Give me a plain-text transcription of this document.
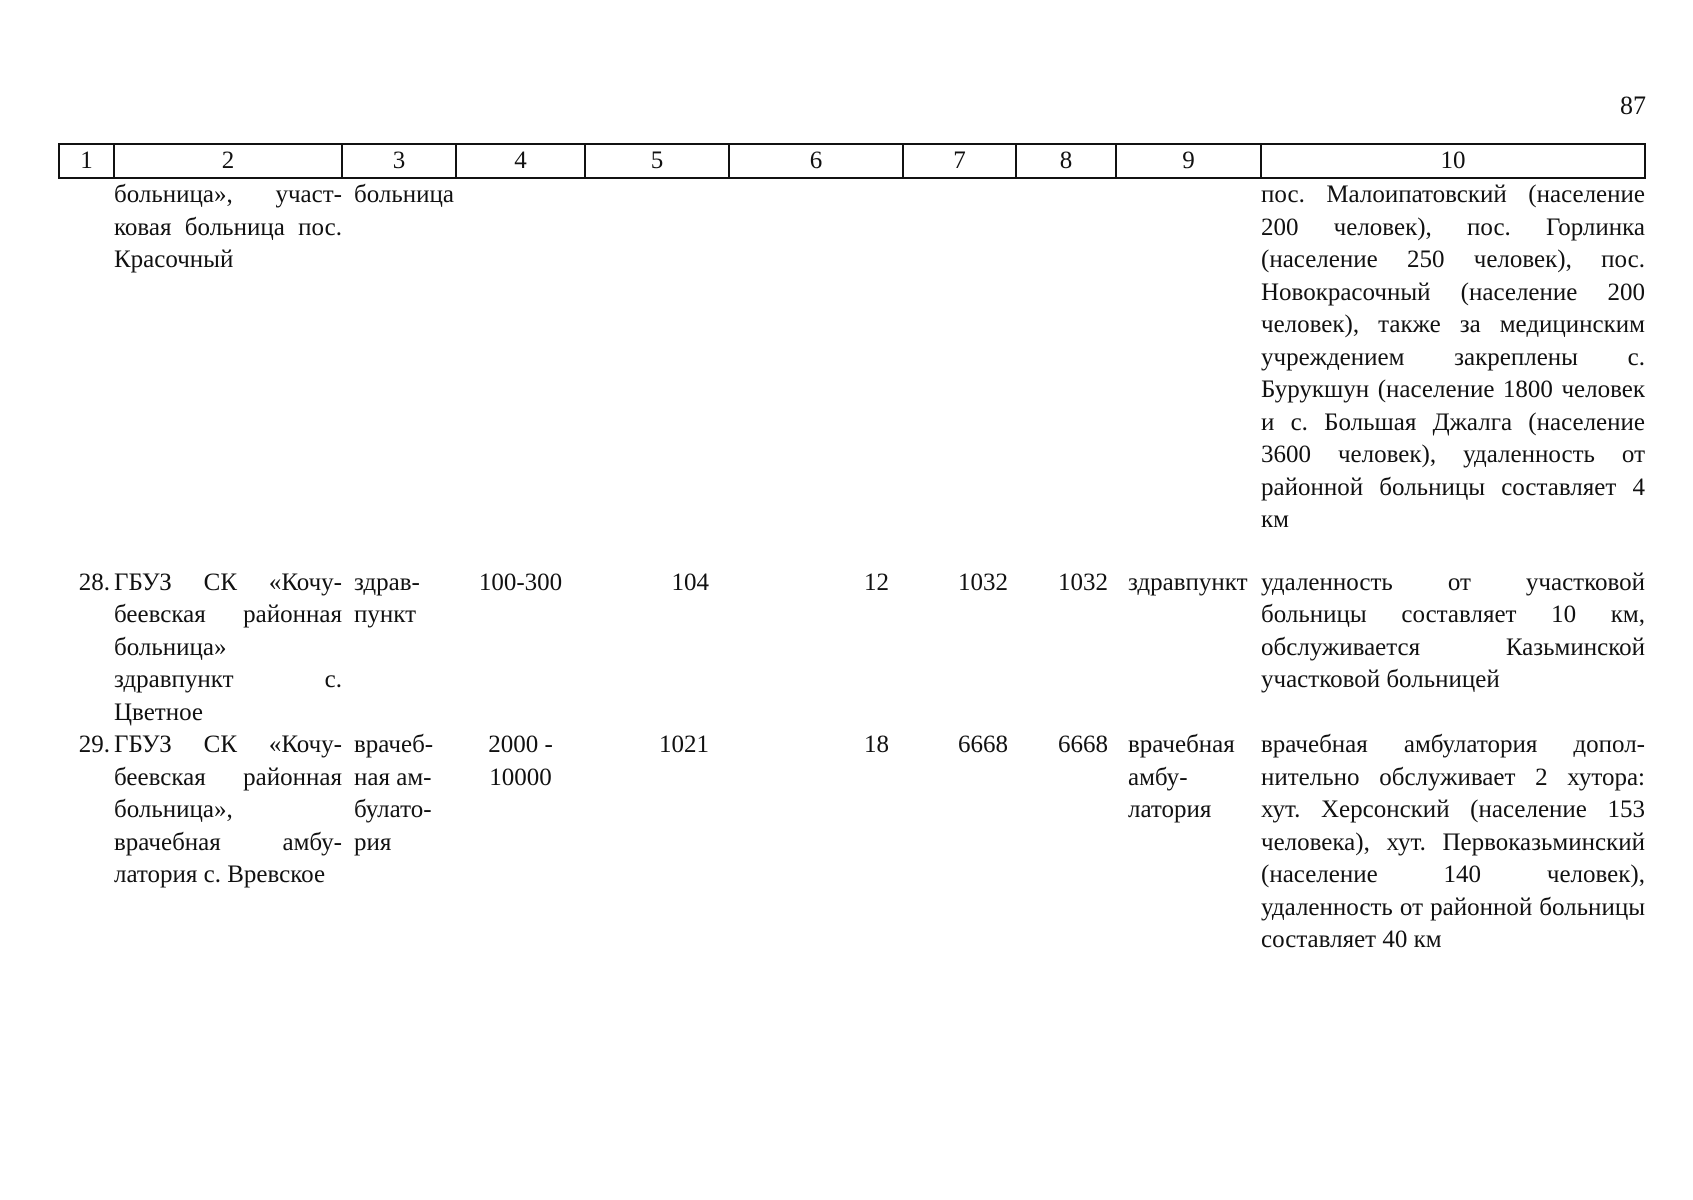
87
1	2	3	4	5	6	7	8	9	10
	больница», участковая больница пос. Красочный	больница							пос. Малоипатовский (население 200 человек), пос. Горлинка (население 250 человек), пос. Новокрасочный (население 200 человек), также за медицинским учреждением закреплены с. Бурукшун (население 1800 человек и с. Большая Джалга (население 3600 человек), удаленность от районной больницы составляет 4 км

28.	ГБУЗ СК «Кочубеевская районная больница» здравпункт с. Цветное	здравпункт	100-300	104	12	1032	1032	здравпункт	удаленность от участковой больницы составляет 10 км, обслуживается Казьминской участковой больницей
29.	ГБУЗ СК «Кочубеевская районная больница», врачебная амбулатория с. Вревское	врачебная амбулатория	2000 - 10000	1021	18	6668	6668	врачебная амбулатория	врачебная амбулатория дополнительно обслуживает 2 хутора: хут. Херсонский (население 153 человека), хут. Первоказьминский (население 140 человек), удаленность от районной больницы составляет 40 км
